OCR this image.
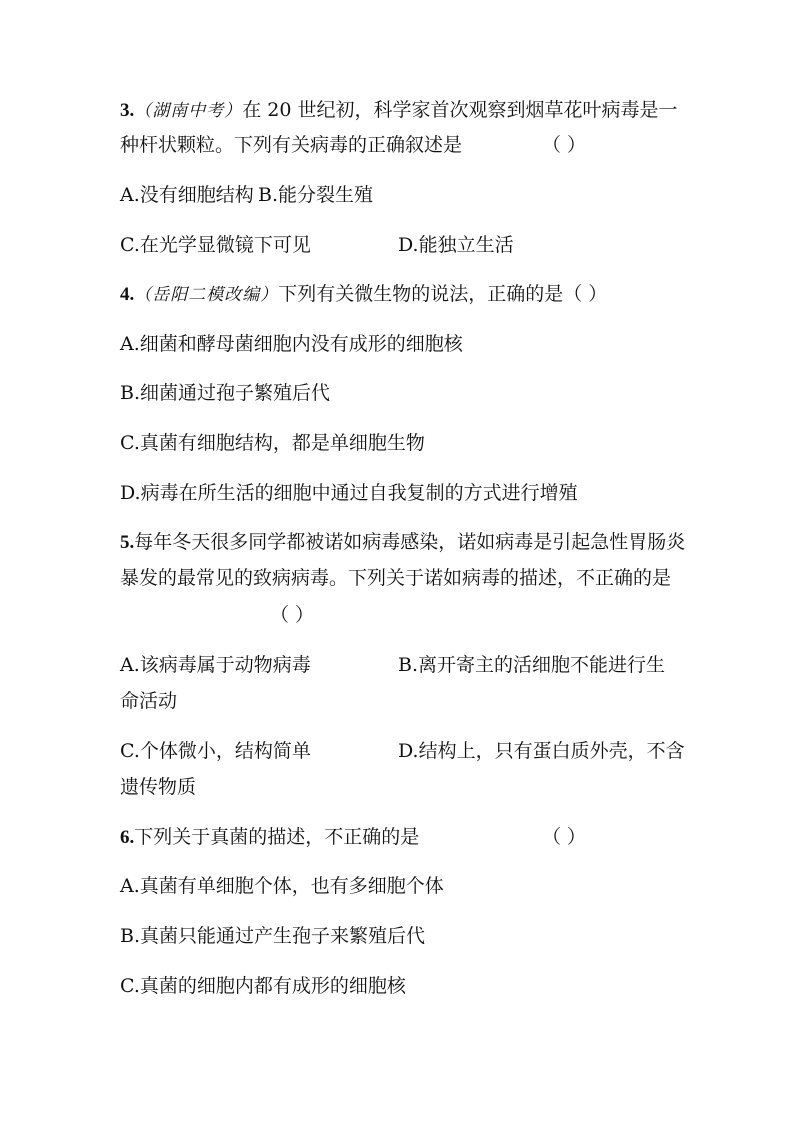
3.（湖南中考）在 20 世纪初，科学家首次观察到烟草花叶病毒是一
种杆状颗粒。下列有关病毒的正确叙述是	（ ）
A.没有细胞结构 B.能分裂生殖
C.在光学显微镜下可见	D.能独立生活
4.（岳阳二模改编）下列有关微生物的说法，正确的是（ ）
A.细菌和酵母菌细胞内没有成形的细胞核
B.细菌通过孢子繁殖后代
C.真菌有细胞结构，都是单细胞生物
D.病毒在所生活的细胞中通过自我复制的方式进行增殖
5.每年冬天很多同学都被诺如病毒感染，诺如病毒是引起急性胃肠炎
暴发的最常见的致病病毒。下列关于诺如病毒的描述，不正确的是
（ ）
A.该病毒属于动物病毒	B.离开寄主的活细胞不能进行生
命活动
C.个体微小，结构简单	D.结构上，只有蛋白质外壳，不含
遗传物质
6.下列关于真菌的描述，不正确的是	（ ）
A.真菌有单细胞个体，也有多细胞个体
B.真菌只能通过产生孢子来繁殖后代
C.真菌的细胞内都有成形的细胞核
